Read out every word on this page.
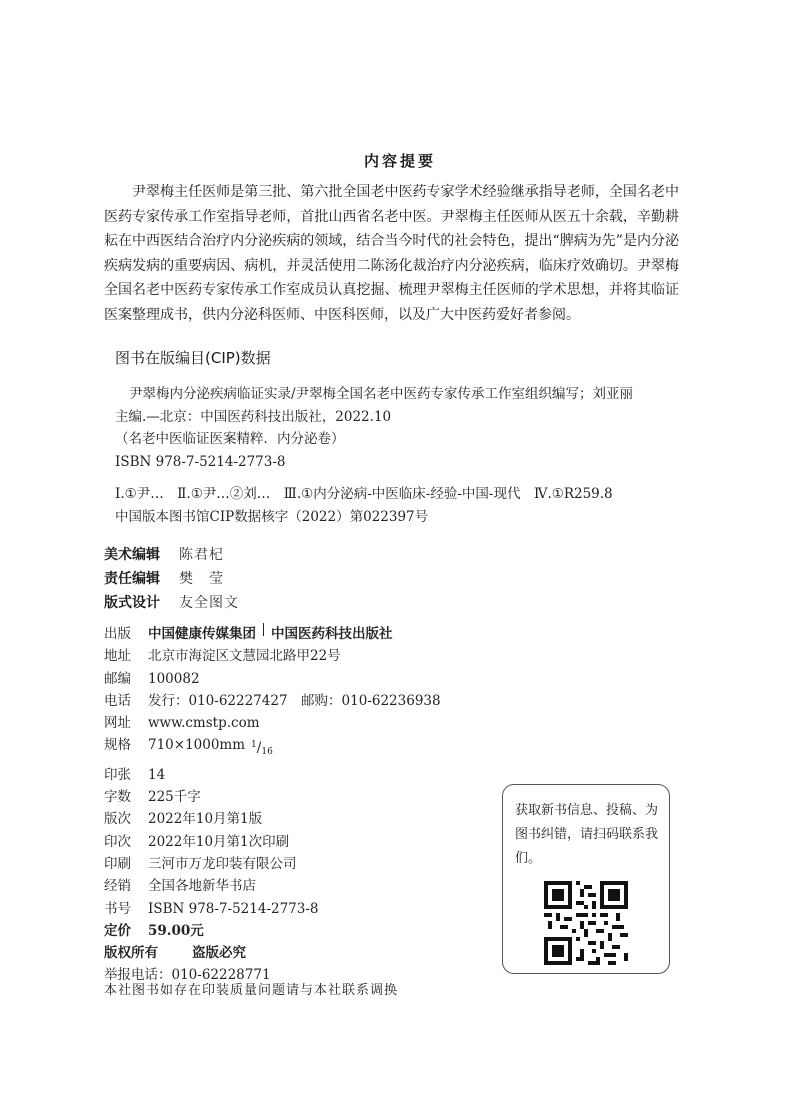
内容提要
尹翠梅主任医师是第三批、第六批全国老中医药专家学术经验继承指导老师，全国名老中医药专家传承工作室指导老师，首批山西省名老中医。尹翠梅主任医师从医五十余载，辛勤耕耘在中西医结合治疗内分泌疾病的领域，结合当今时代的社会特色，提出“脾病为先”是内分泌疾病发病的重要病因、病机，并灵活使用二陈汤化裁治疗内分泌疾病，临床疗效确切。尹翠梅全国名老中医药专家传承工作室成员认真挖掘、梳理尹翠梅主任医师的学术思想，并将其临证医案整理成书，供内分泌科医师、中医科医师，以及广大中医药爱好者参阅。
图书在版编目(CIP)数据
尹翠梅内分泌疾病临证实录/尹翠梅全国名老中医药专家传承工作室组织编写；刘亚丽
主编.—北京：中国医药科技出版社，2022.10
（名老中医临证医案精粹．内分泌卷）
ISBN 978-7-5214-2773-8
Ⅰ.①尹…　Ⅱ.①尹…②刘…　Ⅲ.①内分泌病-中医临床-经验-中国-现代　Ⅳ.①R259.8
中国版本图书馆CIP数据核字（2022）第022397号
美术编辑	陈君杞
责任编辑	樊　莹
版式设计	友全图文
出版	中国健康传媒集团 中国医药科技出版社
地址	北京市海淀区文慧园北路甲22号
邮编	100082
电话	发行：010-62227427　邮购：010-62236938
网址	www.cmstp.com
规格	710×1000mm $^1/_{16}$
印张	14
字数	225千字
版次	2022年10月第1版
印次	2022年10月第1次印刷
印刷	三河市万龙印装有限公司
经销	全国各地新华书店
书号	ISBN 978-7-5214-2773-8
定价	59.00元
版权所有	盗版必究
举报电话：010-62228771
获取新书信息、投稿、为图书纠错，请扫码联系我们。
本社图书如存在印装质量问题请与本社联系调换
